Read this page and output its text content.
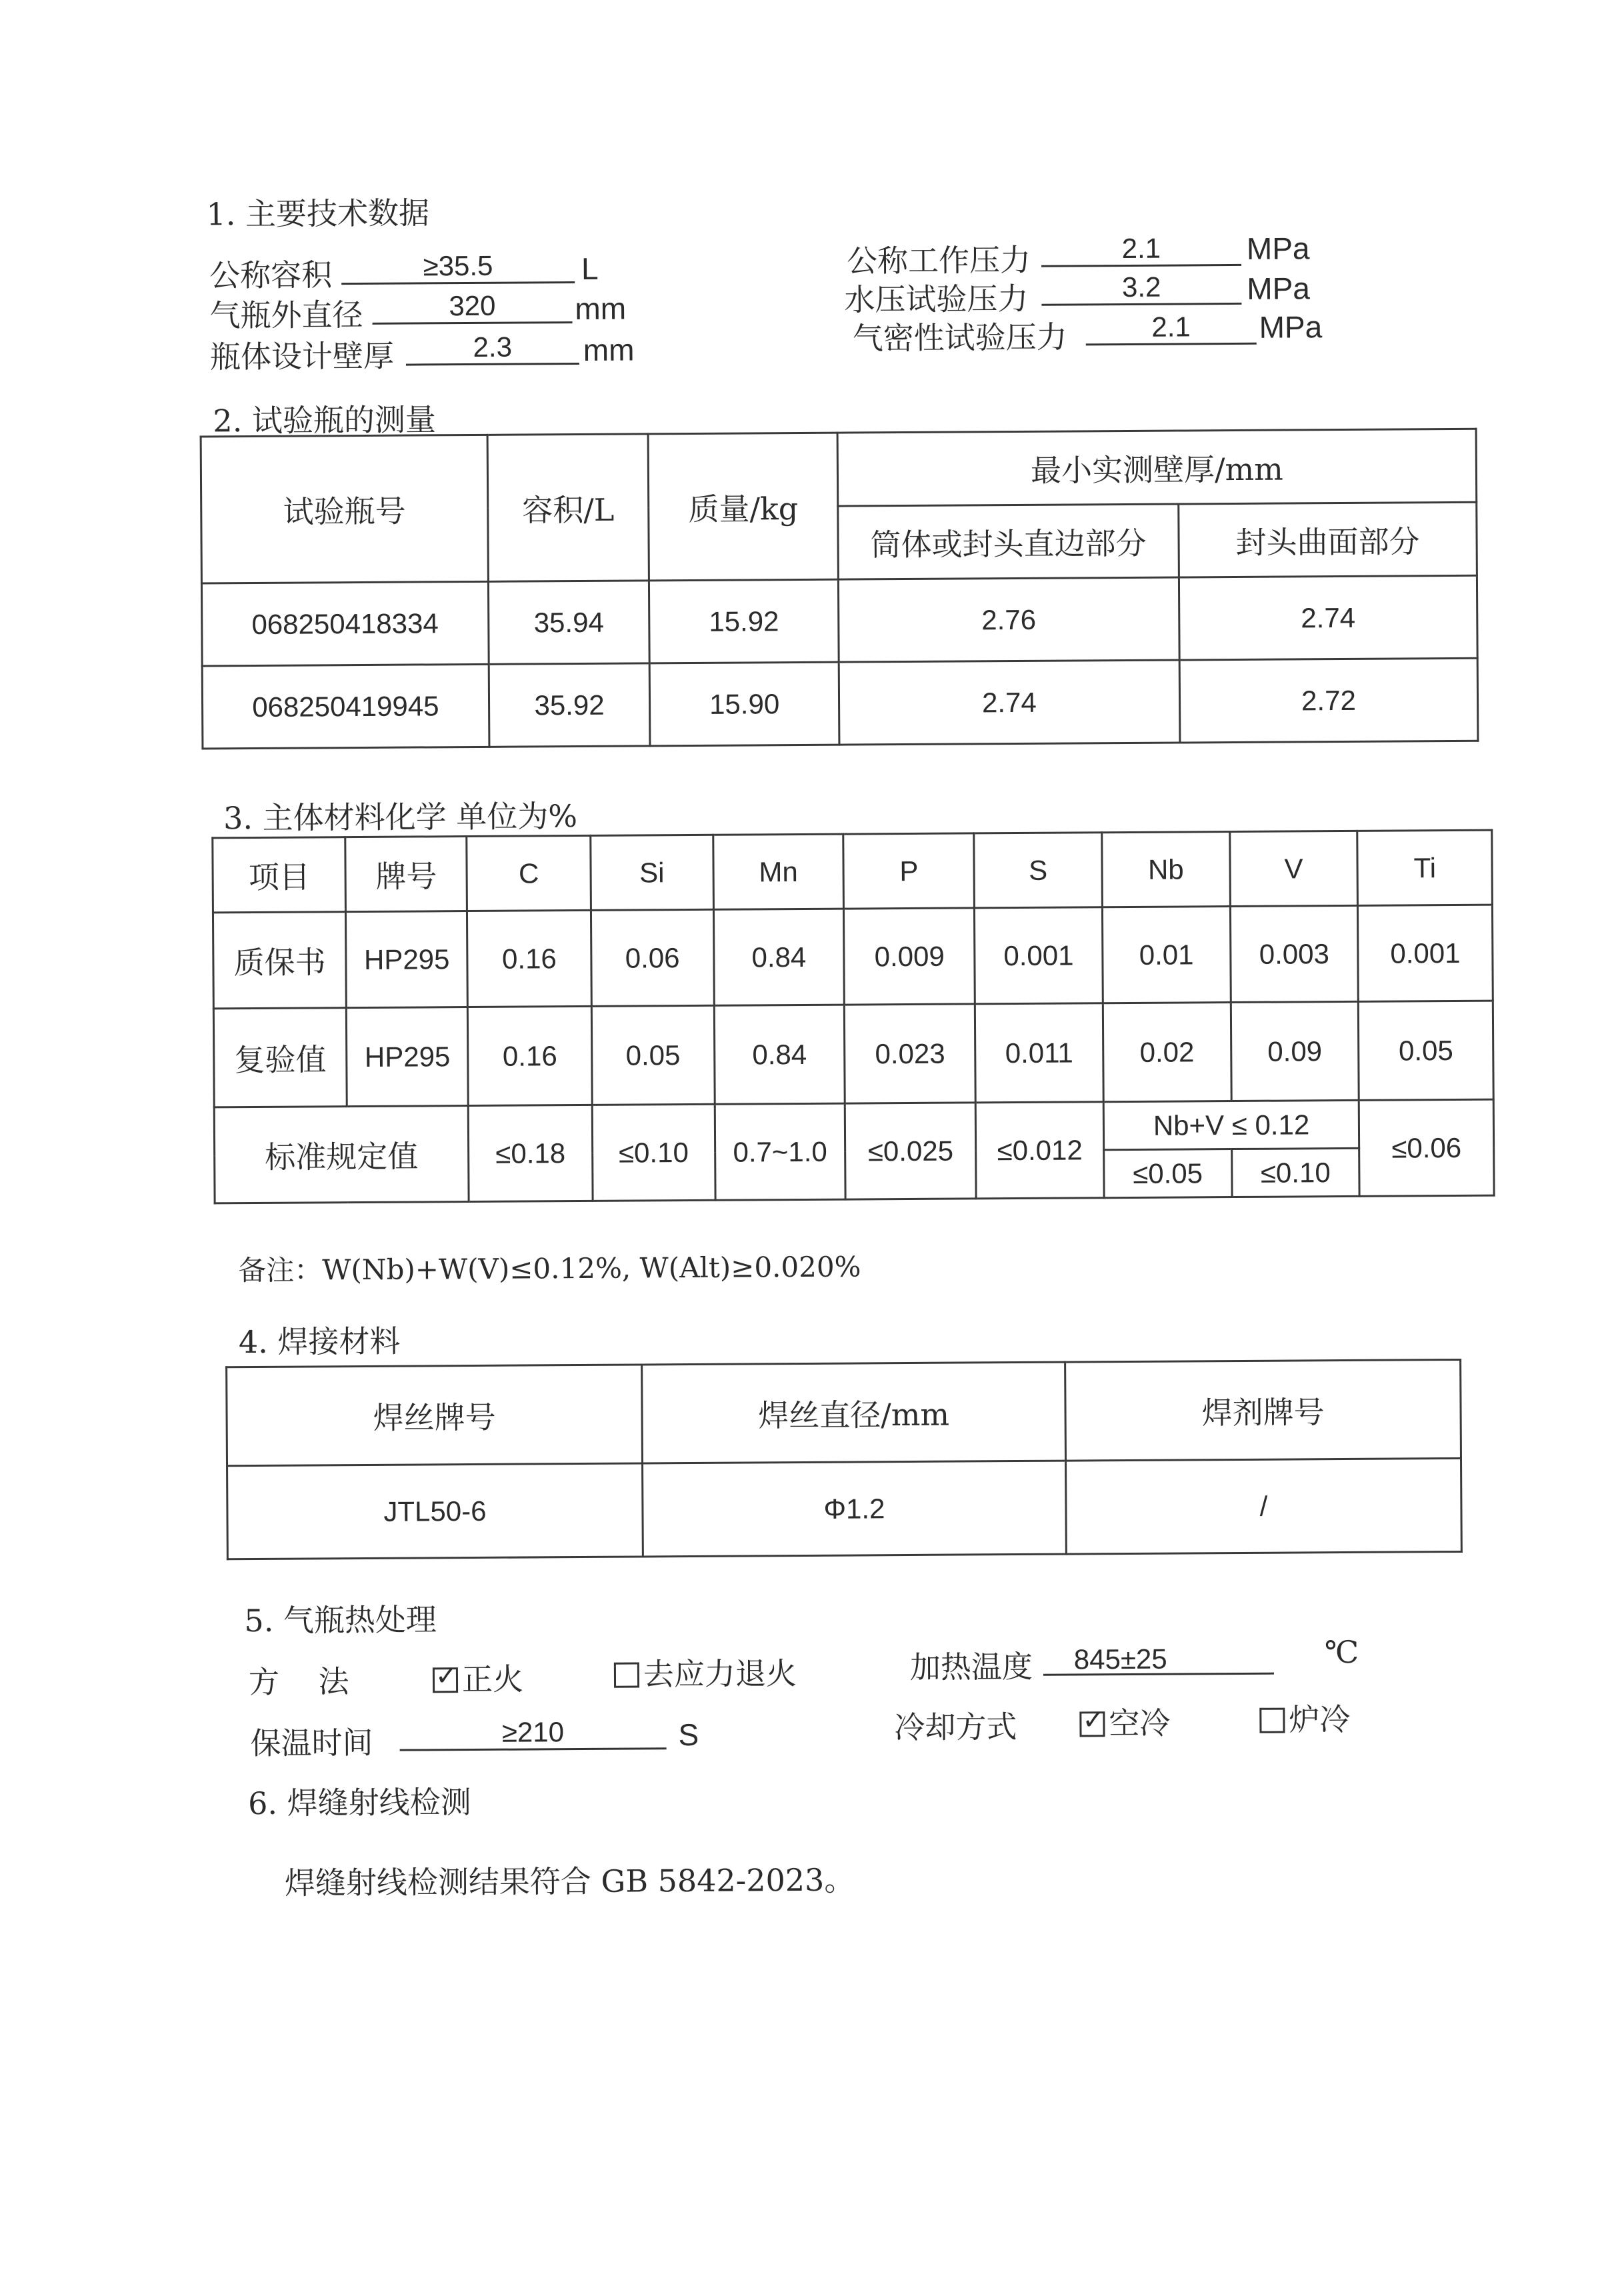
1. 主要技术数据
公称容积	≥35.5	L
气瓶外直径	320	mm
瓶体设计壁厚	2.3	mm
公称工作压力	2.1	MPa
水压试验压力	3.2	MPa
气密性试验压力	2.1	MPa
2. 试验瓶的测量
试验瓶号	容积/L	质量/kg	最小实测壁厚/mm	
			筒体或封头直边部分	封头曲面部分
068250418334	35.94	15.92	2.76	2.74
068250419945	35.92	15.90	2.74	2.72
3. 主体材料化学 单位为%
项目	牌号	C	Si	Mn	P	S	Nb	V	Ti
质保书	HP295	0.16	0.06	0.84	0.009	0.001	0.01	0.003	0.001
复验值	HP295	0.16	0.05	0.84	0.023	0.011	0.02	0.09	0.05
标准规定值		≤0.18	≤0.10	0.7~1.0	≤0.025	≤0.012	Nb+V ≤ 0.12		≤0.06
							≤0.05	≤0.10	
备注：W(Nb)+W(V)≤0.12%, W(Alt)≥0.020%
4. 焊接材料
焊丝牌号	焊丝直径/mm	焊剂牌号
JTL50-6	Φ1.2	/
5. 气瓶热处理
方    法	✓ 正火	去应力退火	加热温度	845±25	℃
保温时间	≥210	S	冷却方式 ✓ 空冷	炉冷
6. 焊缝射线检测
焊缝射线检测结果符合 GB 5842-2023。
